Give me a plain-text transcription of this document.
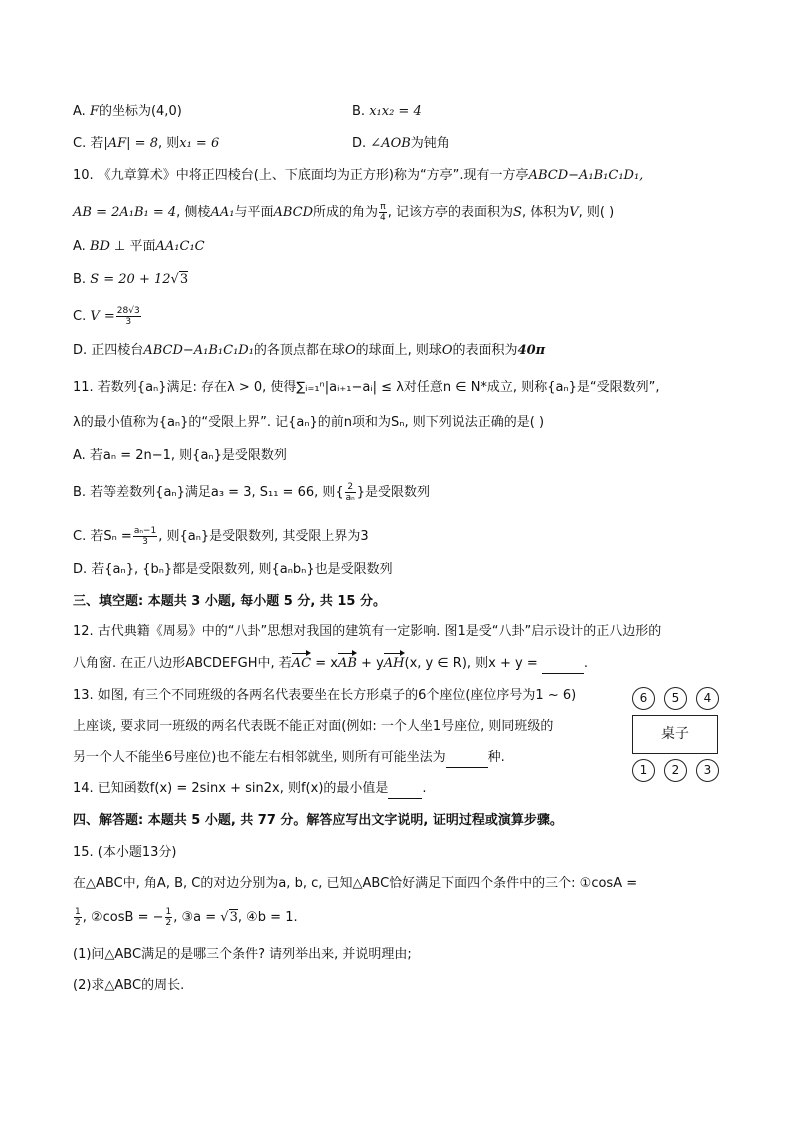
A. F的坐标为(4,0)	B. x₁x₂ = 4
C. 若|AF| = 8, 则x₁ = 6	D. ∠AOB为钝角
10. 《九章算术》中将正四棱台(上、下底面均为正方形)称为“方亭”.现有一方亭ABCD−A₁B₁C₁D₁,
AB = 2A₁B₁ = 4, 侧棱AA₁与平面ABCD所成的角为 $\frac{\pi}{4}$ , 记该方亭的表面积为S, 体积为V, 则( )
A. BD ⊥ 平面AA₁C₁C
B. S = 20 + 12√3
C. $V = \frac{28√3}{3}$
D. 正四棱台ABCD−A₁B₁C₁D₁的各顶点都在球O的球面上, 则球O的表面积为40π
11. 若数列{aₙ}满足: 存在λ > 0, 使得∑ᵢ₌₁ⁿ|aᵢ₊₁−aᵢ| ≤ λ对任意n ∈ N*成立, 则称{aₙ}是“受限数列”,
λ的最小值称为{aₙ}的“受限上界”. 记{aₙ}的前n项和为Sₙ, 则下列说法正确的是( )
A. 若aₙ = 2n−1, 则{aₙ}是受限数列
B. 若等差数列{aₙ}满足a₃ = 3, S₁₁ = 66, 则{ $\frac{2}{\text{aₙ}}$ }是受限数列
C. 若$S_n = \frac{\text{aₙ−1}}{3}$ , 则{aₙ}是受限数列, 其受限上界为3
D. 若{aₙ}, {bₙ}都是受限数列, 则{aₙbₙ}也是受限数列
三、填空题: 本题共 3 小题, 每小题 5 分, 共 15 分。
12. 古代典籍《周易》中的“八卦”思想对我国的建筑有一定影响. 图1是受“八卦”启示设计的正八边形的
八角窗. 在正八边形ABCDEFGH中, 若AC = xAB + yAH(x, y ∈ R), 则x + y =	.
13. 如图, 有三个不同班级的各两名代表要坐在长方形桌子的6个座位(座位序号为1 ~ 6)
上座谈, 要求同一班级的两名代表既不能正对面(例如: 一个人坐1号座位, 则同班级的
另一个人不能坐6号座位)也不能左右相邻就坐, 则所有可能坐法为	种.
6	5	4
桌子
1	2	3
14. 已知函数f(x) = 2sinx + sin2x, 则f(x)的最小值是	.
四、解答题: 本题共 5 小题, 共 77 分。解答应写出文字说明, 证明过程或演算步骤。
15. (本小题13分)
在△ABC中, 角A, B, C的对边分别为a, b, c, 已知△ABC恰好满足下面四个条件中的三个: ①cosA =
$\frac{1}{2}$ , ②cosB = − $\frac{1}{2}$ , ③a = √3, ④b = 1.
(1)问△ABC满足的是哪三个条件? 请列举出来, 并说明理由;
(2)求△ABC的周长.
